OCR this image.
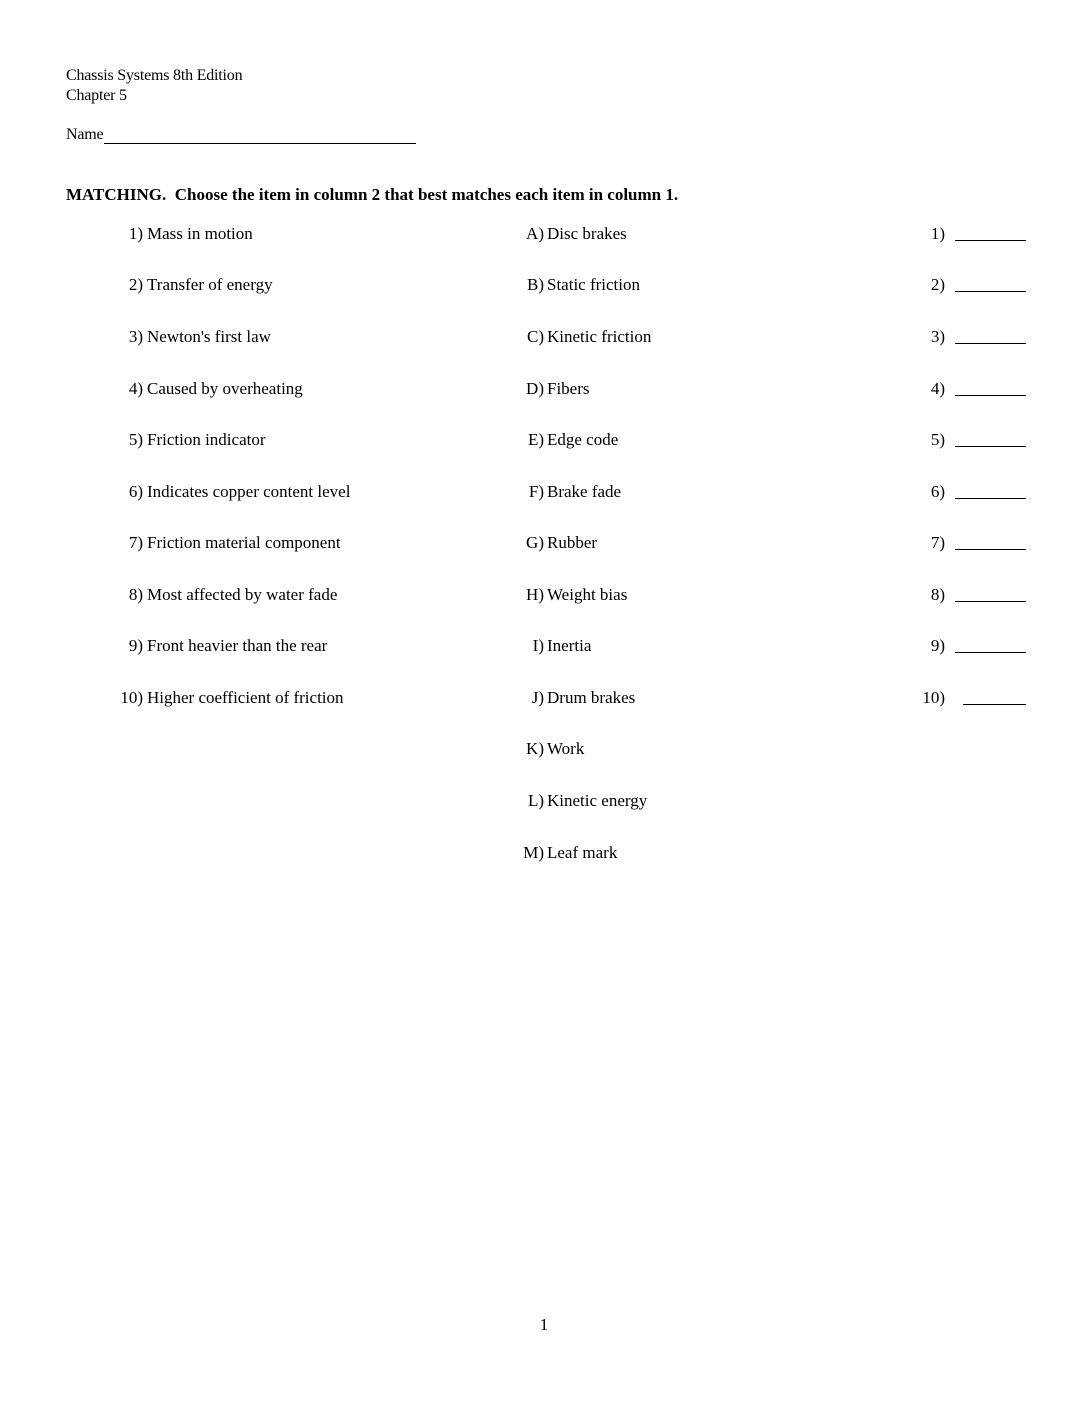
Chassis Systems 8th Edition
Chapter 5
Name
MATCHING.  Choose the item in column 2 that best matches each item in column 1.
1) Mass in motion	A) Disc brakes	1)
2) Transfer of energy	B) Static friction	2)
3) Newton's first law	C) Kinetic friction	3)
4) Caused by overheating	D) Fibers	4)
5) Friction indicator	E) Edge code	5)
6) Indicates copper content level	F) Brake fade	6)
7) Friction material component	G) Rubber	7)
8) Most affected by water fade	H) Weight bias	8)
9) Front heavier than the rear	I) Inertia	9)
10) Higher coefficient of friction	J) Drum brakes	10)
K) Work
L) Kinetic energy
M) Leaf mark
1
